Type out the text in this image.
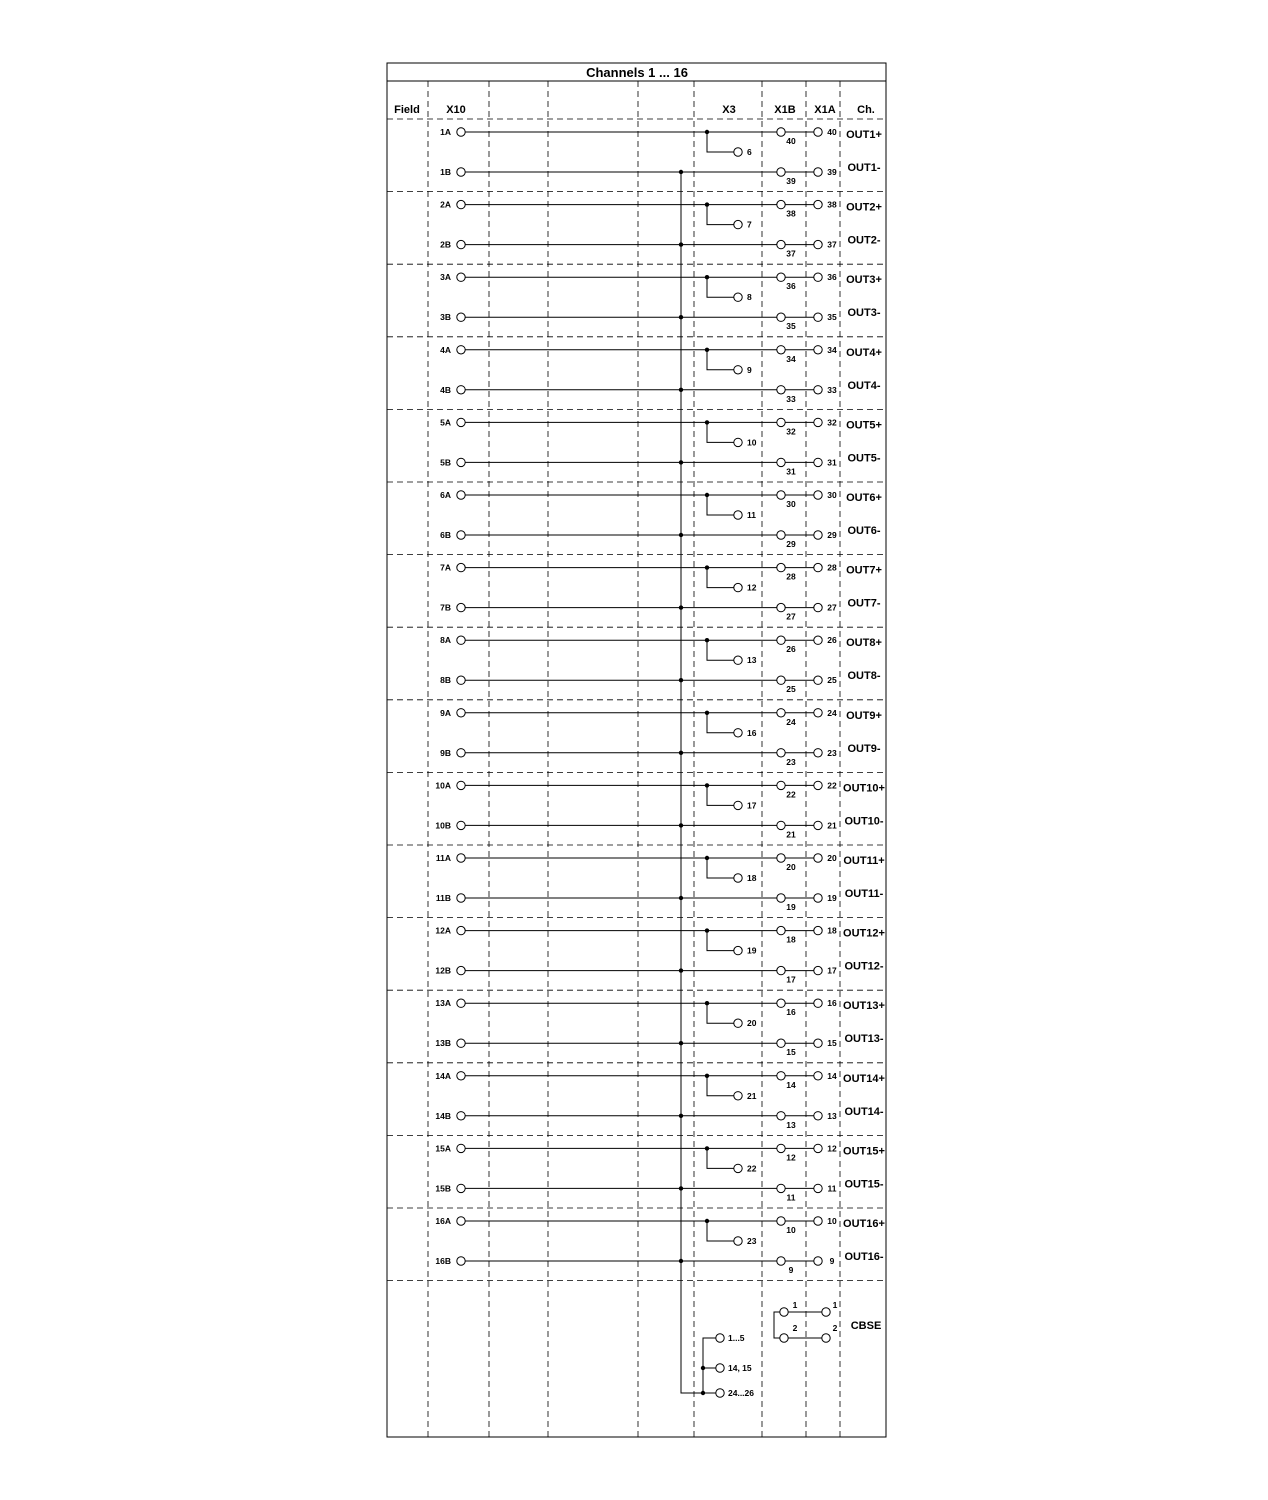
Channels 1 ... 16
Field X10	X3	X1B X1A Ch.
1A
1B
6
40
39
40
39
OUT1+
OUT1-
2A
2B
7
38
37
38
37
OUT2+
OUT2-
3A
3B
8
36
35
36
35
OUT3+
OUT3-
4A
4B
9
34
33
34
33
OUT4+
OUT4-
5A
5B
10
32
31
32
31
OUT5+
OUT5-
6A
6B
11
30
29
30
29
OUT6+
OUT6-
7A
7B
12
28
27
28
27
OUT7+
OUT7-
8A
8B
13
26
25
26
25
OUT8+
OUT8-
9A
9B
16
24
23
24
23
OUT9+
OUT9-
10A
10B
17
22
21
22
21
OUT10+
OUT10-
11A
11B
18
20
19
20
19
OUT11+
OUT11-
12A
12B
19
18
17
18
17
OUT12+
OUT12-
13A
13B
20
16
15
16
15
OUT13+
OUT13-
14A
14B
21
14
13
14
13
OUT14+
OUT14-
15A
15B
22
12
11
12
11
OUT15+
OUT15-
16A
16B
23
10
9
10
9
OUT16+
OUT16-
1
2
1
2 CBSE
1...5
14, 15
24...26
